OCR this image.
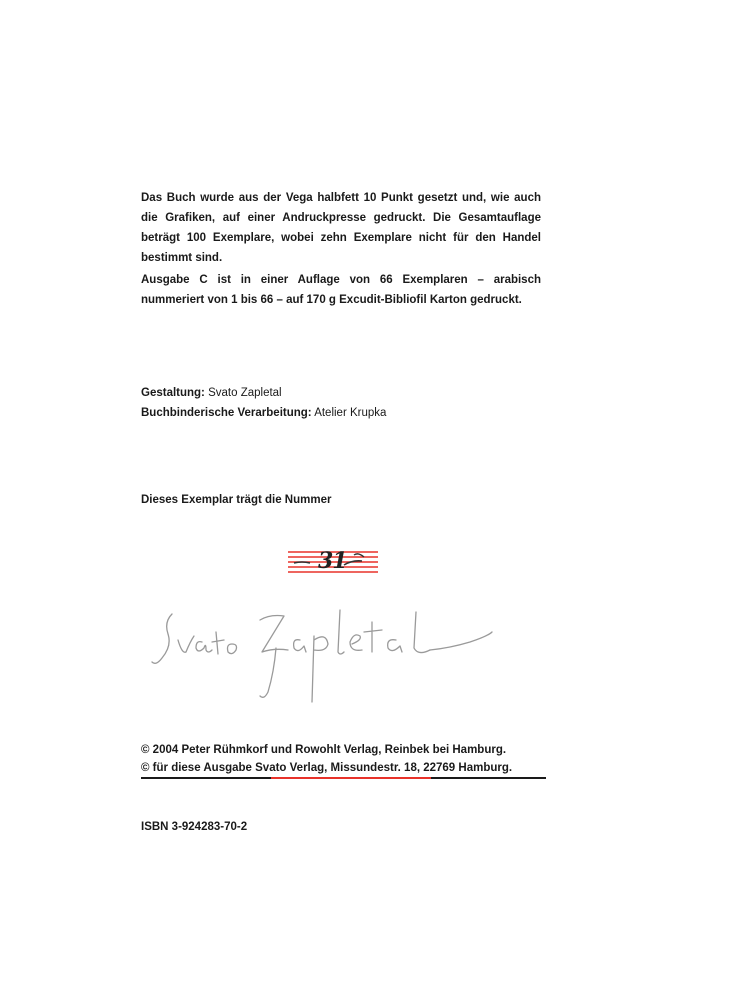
Das Buch wurde aus der Vega halbfett 10 Punkt gesetzt und, wie auch die Grafiken, auf einer Andruckpresse gedruckt. Die Gesamtauflage beträgt 100 Exemplare, wobei zehn Exemplare nicht für den Handel bestimmt sind.

Ausgabe C ist in einer Auflage von 66 Exemplaren – arabisch nummeriert von 1 bis 66 – auf 170 g Excudit-Bibliofil Karton gedruckt.

Gestaltung: Svato Zapletal
Buchbinderische Verarbeitung: Atelier Krupka
Dieses Exemplar trägt die Nummer
31
© 2004 Peter Rühmkorf und Rowohlt Verlag, Reinbek bei Hamburg.
© für diese Ausgabe Svato Verlag, Missundestr. 18, 22769 Hamburg.
ISBN 3-924283-70-2
